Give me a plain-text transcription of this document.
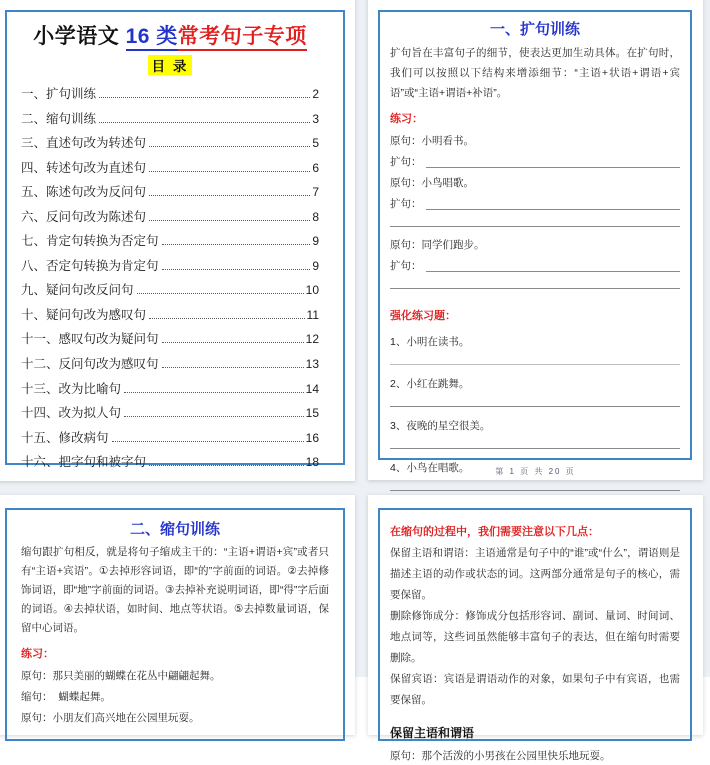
小学语文 16 类常考句子专项
目 录
一、扩句训练	2
二、缩句训练	3
三、直述句改为转述句	5
四、转述句改为直述句	6
五、陈述句改为反问句	7
六、反问句改为陈述句	8
七、肯定句转换为否定句	9
八、否定句转换为肯定句	9
九、疑问句改反问句	10
十、疑问句改为感叹句	11
十一、感叹句改为疑问句	12
十二、反问句改为感叹句	13
十三、改为比喻句	14
十四、改为拟人句	15
十五、修改病句	16
十六、把字句和被字句	18
一、扩句训练
扩句旨在丰富句子的细节，使表达更加生动具体。在扩句时，我们可以按照以下结构来增添细节：“主语+状语+谓语+宾语”或“主语+谓语+补语”。
练习：
原句：小明看书。
扩句：
原句：小鸟唱歌。
扩句：
原句：同学们跑步。
扩句：
强化练习题：
1、小明在读书。
2、小红在跳舞。
3、夜晚的星空很美。
4、小鸟在唱歌。	第 1 页 共 20 页
二、缩句训练
缩句跟扩句相反，就是将句子缩成主干的：“主语+谓语+宾”或者只有“主语+宾语”。①去掉形容词语，即“的”字前面的词语。②去掉修饰词语，即“地”字前面的词语。③去掉补充说明词语，即“得”字后面的词语。④去掉状语，如时间、地点等状语。⑤去掉数量词语，保留中心词语。
练习：
原句：那只美丽的蝴蝶在花丛中翩翩起舞。
缩句：  蝴蝶起舞。
原句：小朋友们高兴地在公园里玩耍。
在缩句的过程中，我们需要注意以下几点：
保留主语和谓语：主语通常是句子中的“谁”或“什么”，谓语则是描述主语的动作或状态的词。这两部分通常是句子的核心，需要保留。
删除修饰成分：修饰成分包括形容词、副词、量词、时间词、地点词等，这些词虽然能够丰富句子的表达，但在缩句时需要删除。
保留宾语：宾语是谓语动作的对象，如果句子中有宾语，也需要保留。
保留主语和谓语
原句：那个活泼的小男孩在公园里快乐地玩耍。
